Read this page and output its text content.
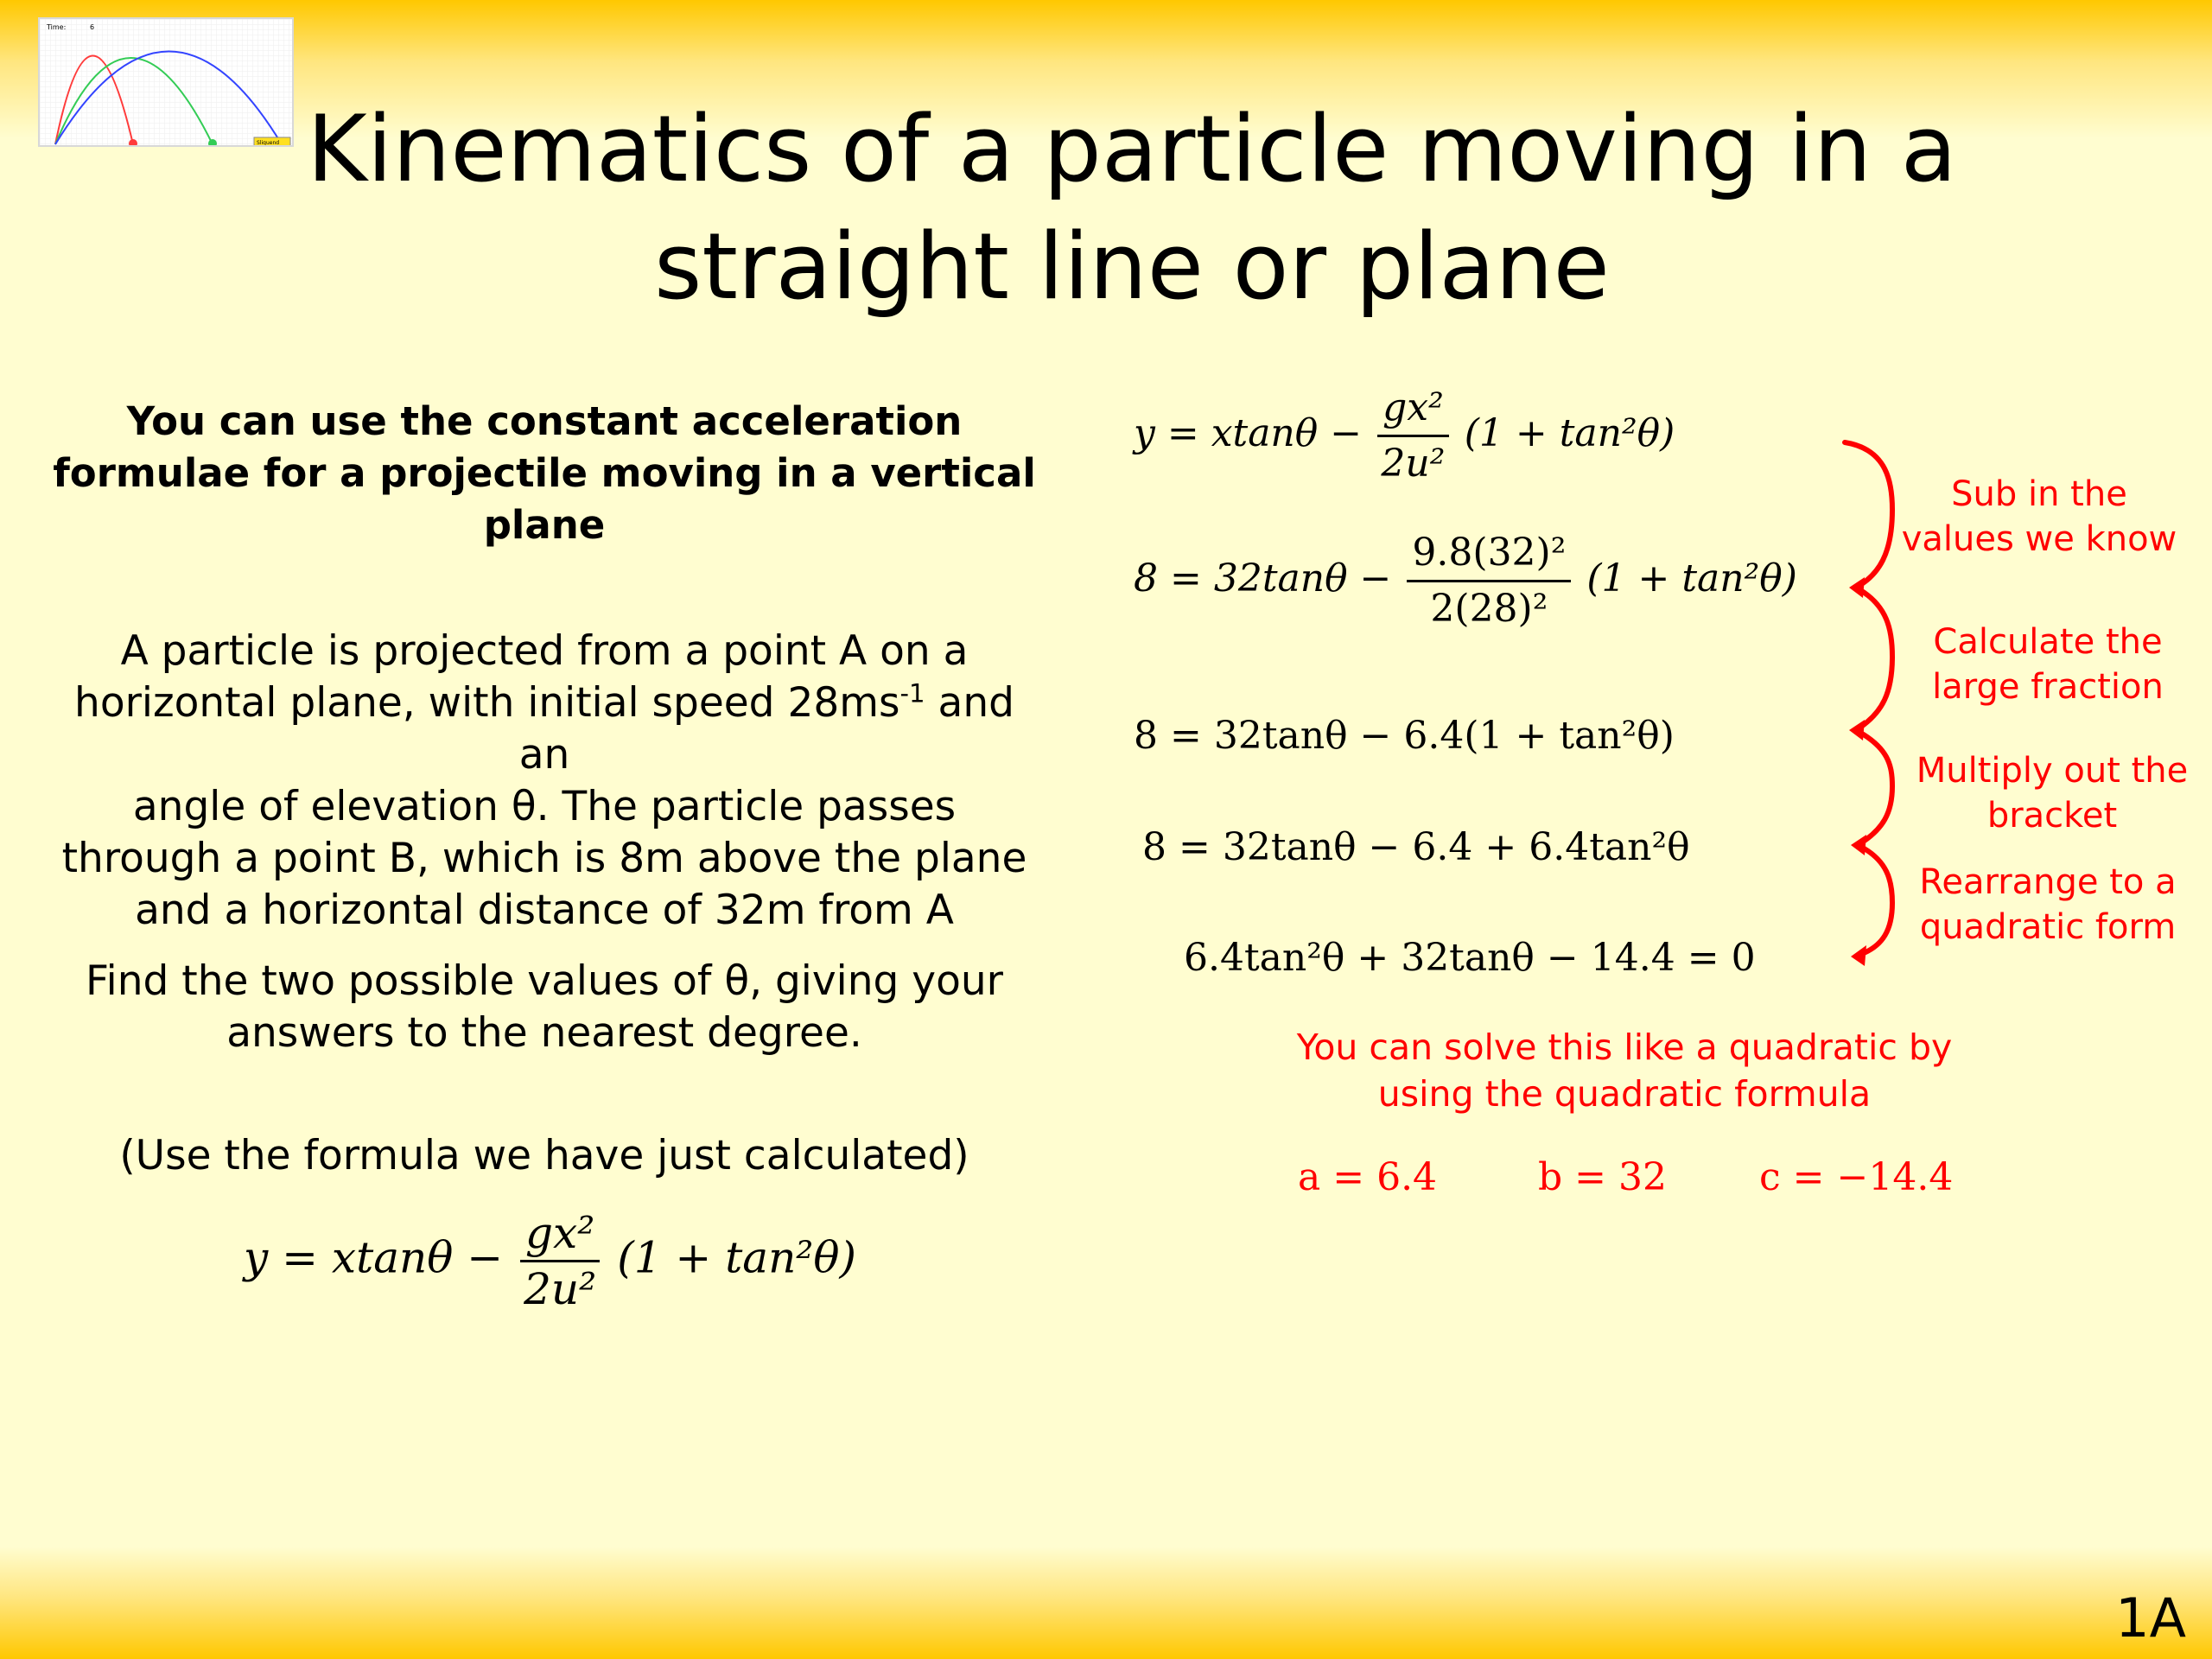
Time:	6
Sliquend Kinematics of a particle moving in a
straight line or plane
You can use the constant acceleration formulae for a projectile moving in a vertical plane
A particle is projected from a point A on a
horizontal plane, with initial speed $28ms^{-1}$ and an
angle of elevation θ. The particle passes
through a point B, which is 8m above the plane
and a horizontal distance of 32m from A
Find the two possible values of θ, giving your
answers to the nearest degree.
(Use the formula we have just calculated)
$y = xtan\theta - \frac{\text{gx²}}{\text{2u²}} (1 + \tan^2\theta)$
$y = xtan\theta - \frac{\text{gx²}}{\text{2u²}} (1 + \tan^2\theta)$
$8 = 32\tan\theta - \frac{\text{9.8(32)²}}{\text{2(28)²}} (1 + \tan^2\theta)$
8 = 32tanθ − 6.4(1 + tan²θ)
8 = 32tanθ − 6.4 + 6.4tan²θ
6.4tan²θ + 32tanθ − 14.4 = 0
Sub in the
values we know
Calculate the
large fraction
Multiply out the
bracket
Rearrange to a
quadratic form
You can solve this like a quadratic by
using the quadratic formula
a = 6.4	b = 32 c = −14.4
1A
